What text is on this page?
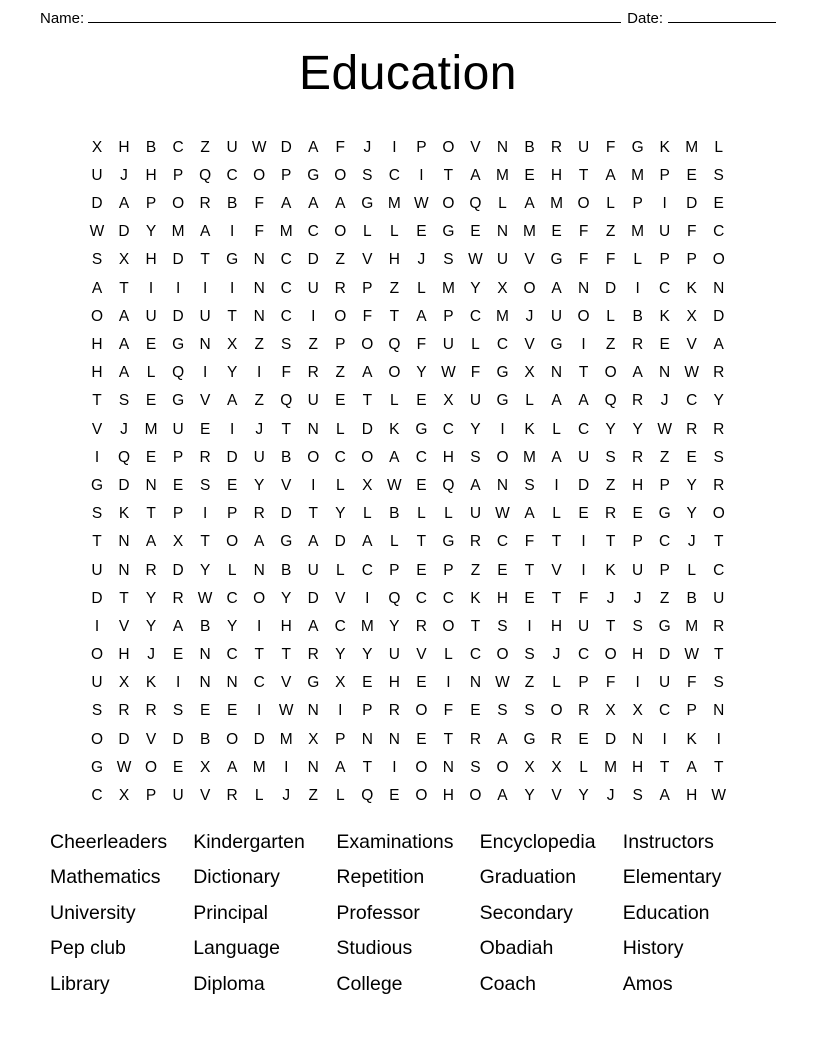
Name:	Date:
Education
X	H	B	C	Z	U W D	A	F	J	I	P	O	V	N	B	R	U	F	G	K M	L
U	J	H	P	Q C O	P	G O	S	C	I	T	A M E	H	T	A M P	E	S
D	A	P	O R	B	F	A	A	A	G M W O Q	L	A M O	L	P	I	D	E
W D	Y M A	I	F	M C O	L	L	E	G	E	N M E	F	Z	M U	F	C
S	X	H	D	T	G N	C	D	Z	V	H	J	S W U	V	G	F	F	L	P	P	O
A	T	I	I	I	I	N	C	U	R	P	Z	L	M Y	X	O	A	N	D	I	C	K	N
O	A	U	D	U	T	N	C	I	O	F	T	A	P	C M	J	U O	L	B	K	X	D
H	A	E	G N	X	Z	S	Z	P	O Q	F	U	L	C	V	G	I	Z	R	E	V	A
H	A	L	Q	I	Y	I	F	R	Z	A	O	Y W F	G	X	N	T	O	A	N W R
T	S	E	G	V	A	Z	Q U	E	T	L	E	X	U G	L	A	A	Q R	J	C	Y
V	J	M U	E	I	J	T	N	L	D	K	G C	Y	I	K	L	C	Y	Y W R	R
I	Q	E	P	R	D	U	B	O C O	A	C	H	S	O M A	U	S	R	Z	E	S
G D	N	E	S	E	Y	V	I	L	X W E	Q	A	N	S	I	D	Z	H	P	Y	R
S	K	T	P	I	P	R	D	T	Y	L	B	L	L	U W A	L	E	R	E	G	Y	O
T	N	A	X	T	O	A	G	A	D	A	L	T	G R	C	F	T	I	T	P	C	J	T
U	N	R	D	Y	L	N	B	U	L	C	P	E	P	Z	E	T	V	I	K	U	P	L	C
D	T	Y	R W C O	Y	D	V	I	Q C	C	K	H	E	T	F	J	J	Z	B	U
I	V	Y	A	B	Y	I	H	A	C M Y	R O	T	S	I	H	U	T	S	G M R
O H	J	E	N	C	T	T	R	Y	Y	U	V	L	C O	S	J	C O H	D W T
U	X	K	I	N	N	C	V	G	X	E	H	E	I	N W Z	L	P	F	I	U	F	S
S	R	R	S	E	E	I	W N	I	P	R O	F	E	S	S	O R	X	X	C	P	N
O D	V	D	B	O D M X	P	N	N	E	T	R	A	G R	E	D	N	I	K	I
G W O	E	X	A M	I	N	A	T	I	O N	S	O	X	X	L	M H	T	A	T
C	X	P	U	V	R	L	J	Z	L	Q	E	O H O	A	Y	V	Y	J	S	A	H W
Cheerleaders	Kindergarten	Examinations	Encyclopedia	Instructors
Mathematics	Dictionary	Repetition	Graduation	Elementary
University	Principal	Professor	Secondary	Education
Pep club	Language	Studious	Obadiah	History
Library	Diploma	College	Coach	Amos
